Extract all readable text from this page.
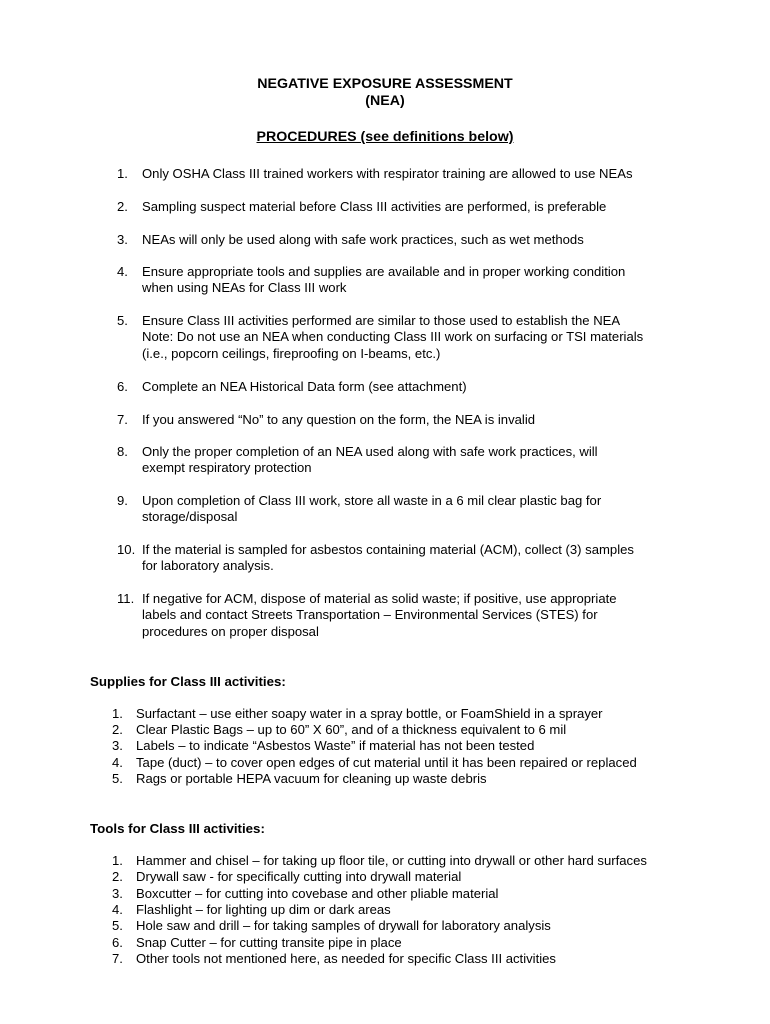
NEGATIVE EXPOSURE ASSESSMENT
(NEA)
PROCEDURES (see definitions below)
1.	Only OSHA Class III trained workers with respirator training are allowed to use NEAs
2.	Sampling suspect material before Class III activities are performed, is preferable
3.	NEAs will only be used along with safe work practices, such as wet methods
4.	Ensure appropriate tools and supplies are available and in proper working condition
when using NEAs for Class III work
5.	Ensure Class III activities performed are similar to those used to establish the NEA
Note: Do not use an NEA when conducting Class III work on surfacing or TSI materials
(i.e., popcorn ceilings, fireproofing on I-beams, etc.)
6.	Complete an NEA Historical Data form (see attachment)
7.	If you answered “No” to any question on the form, the NEA is invalid
8.	Only the proper completion of an NEA used along with safe work practices, will
exempt respiratory protection
9.	Upon completion of Class III work, store all waste in a 6 mil clear plastic bag for
storage/disposal
10. If the material is sampled for asbestos containing material (ACM), collect (3) samples
for laboratory analysis.
11. If negative for ACM, dispose of material as solid waste; if positive, use appropriate
labels and contact Streets Transportation – Environmental Services (STES) for
procedures on proper disposal
Supplies for Class III activities:
1. Surfactant – use either soapy water in a spray bottle, or FoamShield in a sprayer
2. Clear Plastic Bags – up to 60” X 60”, and of a thickness equivalent to 6 mil
3. Labels – to indicate “Asbestos Waste” if material has not been tested
4. Tape (duct) – to cover open edges of cut material until it has been repaired or replaced
5. Rags or portable HEPA vacuum for cleaning up waste debris
Tools for Class III activities:
1. Hammer and chisel – for taking up floor tile, or cutting into drywall or other hard surfaces
2. Drywall saw - for specifically cutting into drywall material
3. Boxcutter – for cutting into covebase and other pliable material
4. Flashlight – for lighting up dim or dark areas
5. Hole saw and drill – for taking samples of drywall for laboratory analysis
6. Snap Cutter – for cutting transite pipe in place
7. Other tools not mentioned here, as needed for specific Class III activities
